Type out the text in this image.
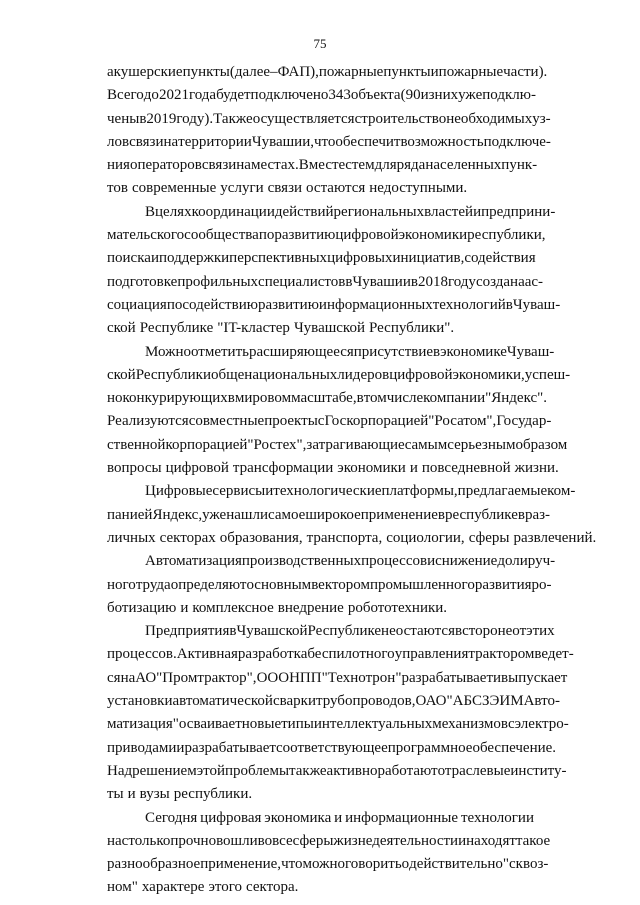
75
акушерские пункты (далее – ФАП), пожарные пункты и пожарные части).
Всего до 2021 года будет подключено 343 объекта (90 из них уже подклю-
чены в 2019 году). Также осуществляется строительство необходимых уз-
лов связи на территории Чувашии, что обеспечит возможность подключе-
ния операторов связи на местах. Вместе с тем для ряда населенных пунк-
тов современные услуги связи остаются недоступными.
В целях координации действий региональных властей и предприни-
мательского сообщества по развитию цифровой экономики республики,
поиска и поддержки перспективных цифровых инициатив, содействия
подготовке профильных специалистов в Чувашии в 2018 году создана ас-
социация по содействию развитию информационных технологий в Чуваш-
ской Республике "IT-кластер Чувашской Республики".
Можно отметить расширяющееся присутствие в экономике Чуваш-
ской Республики общенациональных лидеров цифровой экономики, успеш-
но конкурирующих в мировом масштабе, в том числе компании "Яндекс".
Реализуются совместные проекты с Госкорпорацией "Росатом", Государ-
ственной корпорацией "Ростех", затрагивающие самым серьезным образом
вопросы цифровой трансформации экономики и повседневной жизни.
Цифровые сервисы и технологические платформы, предлагаемые ком-
панией Яндекс, уже нашли самое широкое применение в республике в раз-
личных секторах образования, транспорта, социологии, сферы развлечений.
Автоматизация производственных процессов и снижение доли руч-
ного труда определяют основным вектором промышленного развития ро-
ботизацию и комплексное внедрение робототехники.
Предприятия в Чувашской Республике не остаются в стороне от этих
процессов. Активная разработка беспилотного управления трактором ведет-
ся на АО "Промтрактор", ООО НПП "Технотрон" разрабатывает и выпускает
установки автоматической сварки трубопроводов, ОАО "АБС ЗЭИМ Авто-
матизация" осваивает новые типы интеллектуальных механизмов с электро-
приводами и разрабатывает соответствующее программное обеспечение.
Над решением этой проблемы также активно работают отраслевые институ-
ты и вузы республики.
Сегодня цифровая экономика и информационные технологии
настолько прочно вошли во все сферы жизнедеятельности и находят такое
разнообразное применение, что можно говорить о действительно "сквоз-
ном" характере этого сектора.
